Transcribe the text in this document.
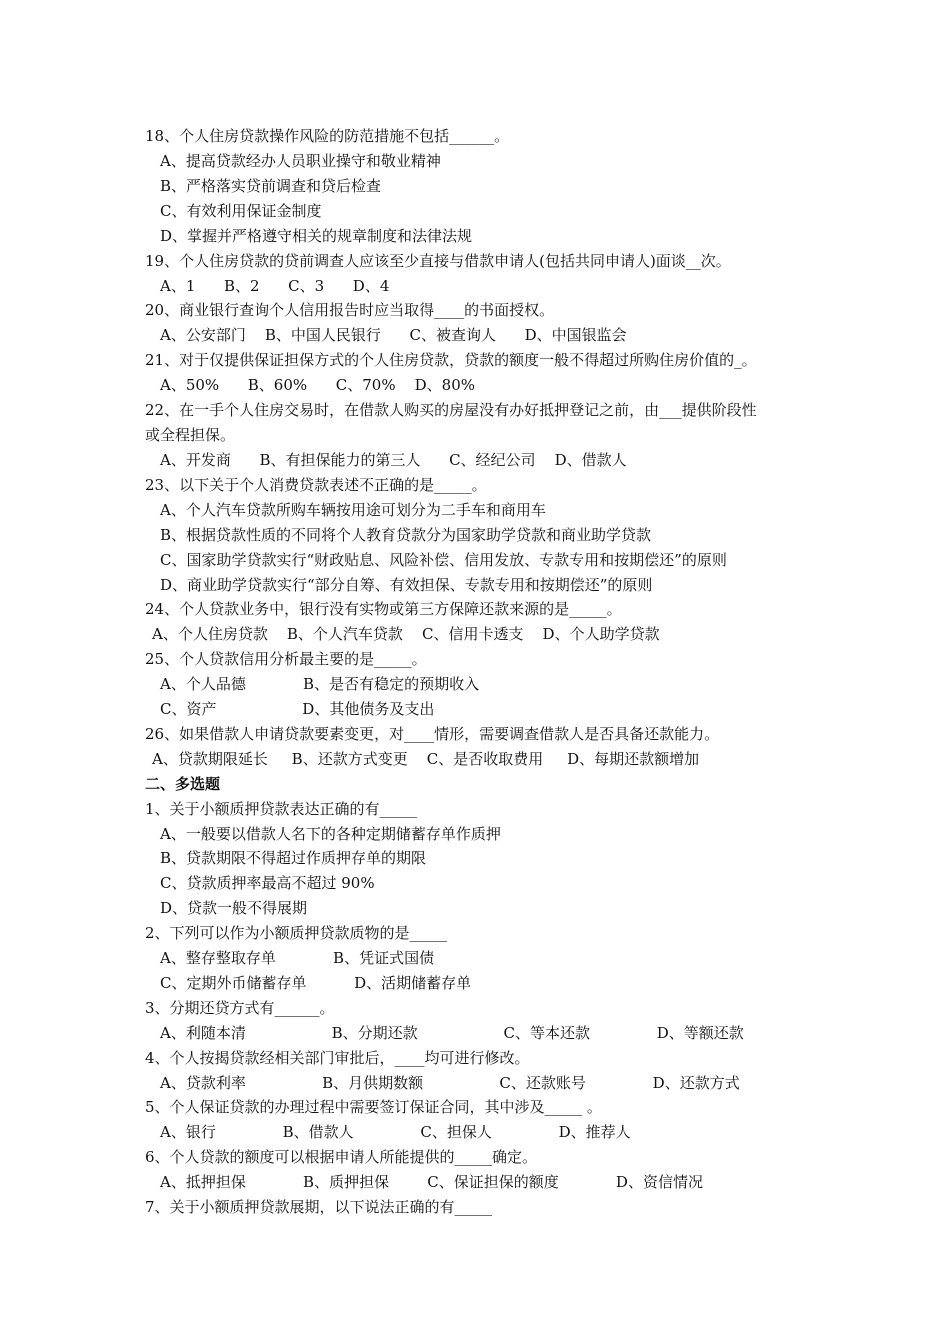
18、个人住房贷款操作风险的防范措施不包括______。
A、提高贷款经办人员职业操守和敬业精神
B、严格落实贷前调查和贷后检查
C、有效利用保证金制度
D、掌握并严格遵守相关的规章制度和法律法规
19、个人住房贷款的贷前调查人应该至少直接与借款申请人(包括共同申请人)面谈__次。
A、1      B、2      C、3      D、4
20、商业银行查询个人信用报告时应当取得____的书面授权。
A、公安部门    B、中国人民银行      C、被查询人      D、中国银监会
21、对于仅提供保证担保方式的个人住房贷款，贷款的额度一般不得超过所购住房价值的_。
A、50%      B、60%      C、70%    D、80%
22、在一手个人住房交易时，在借款人购买的房屋没有办好抵押登记之前，由___提供阶段性
或全程担保。
A、开发商      B、有担保能力的第三人      C、经纪公司    D、借款人
23、以下关于个人消费贷款表述不正确的是_____。
A、个人汽车贷款所购车辆按用途可划分为二手车和商用车
B、根据贷款性质的不同将个人教育贷款分为国家助学贷款和商业助学贷款
C、国家助学贷款实行“财政贴息、风险补偿、信用发放、专款专用和按期偿还”的原则
D、商业助学贷款实行“部分自筹、有效担保、专款专用和按期偿还”的原则
24、个人贷款业务中，银行没有实物或第三方保障还款来源的是_____。
A、个人住房贷款    B、个人汽车贷款    C、信用卡透支    D、个人助学贷款
25、个人贷款信用分析最主要的是_____。
A、个人品德            B、是否有稳定的预期收入
C、资产                  D、其他债务及支出
26、如果借款人申请贷款要素变更，对____情形，需要调查借款人是否具备还款能力。
A、贷款期限延长     B、还款方式变更    C、是否收取费用     D、每期还款额增加
二、多选题
1、关于小额质押贷款表达正确的有_____
A、一般要以借款人名下的各种定期储蓄存单作质押
B、贷款期限不得超过作质押存单的期限
C、贷款质押率最高不超过 90%
D、贷款一般不得展期
2、下列可以作为小额质押贷款质物的是_____
A、整存整取存单            B、凭证式国债
C、定期外币储蓄存单          D、活期储蓄存单
3、分期还贷方式有______。
A、利随本清                  B、分期还款                  C、等本还款              D、等额还款
4、个人按揭贷款经相关部门审批后，____均可进行修改。
A、贷款利率                B、月供期数额                C、还款账号              D、还款方式
5、个人保证贷款的办理过程中需要签订保证合同，其中涉及_____ 。
A、银行              B、借款人              C、担保人              D、推荐人
6、个人贷款的额度可以根据申请人所能提供的_____确定。
A、抵押担保            B、质押担保        C、保证担保的额度            D、资信情况
7、关于小额质押贷款展期，以下说法正确的有_____
